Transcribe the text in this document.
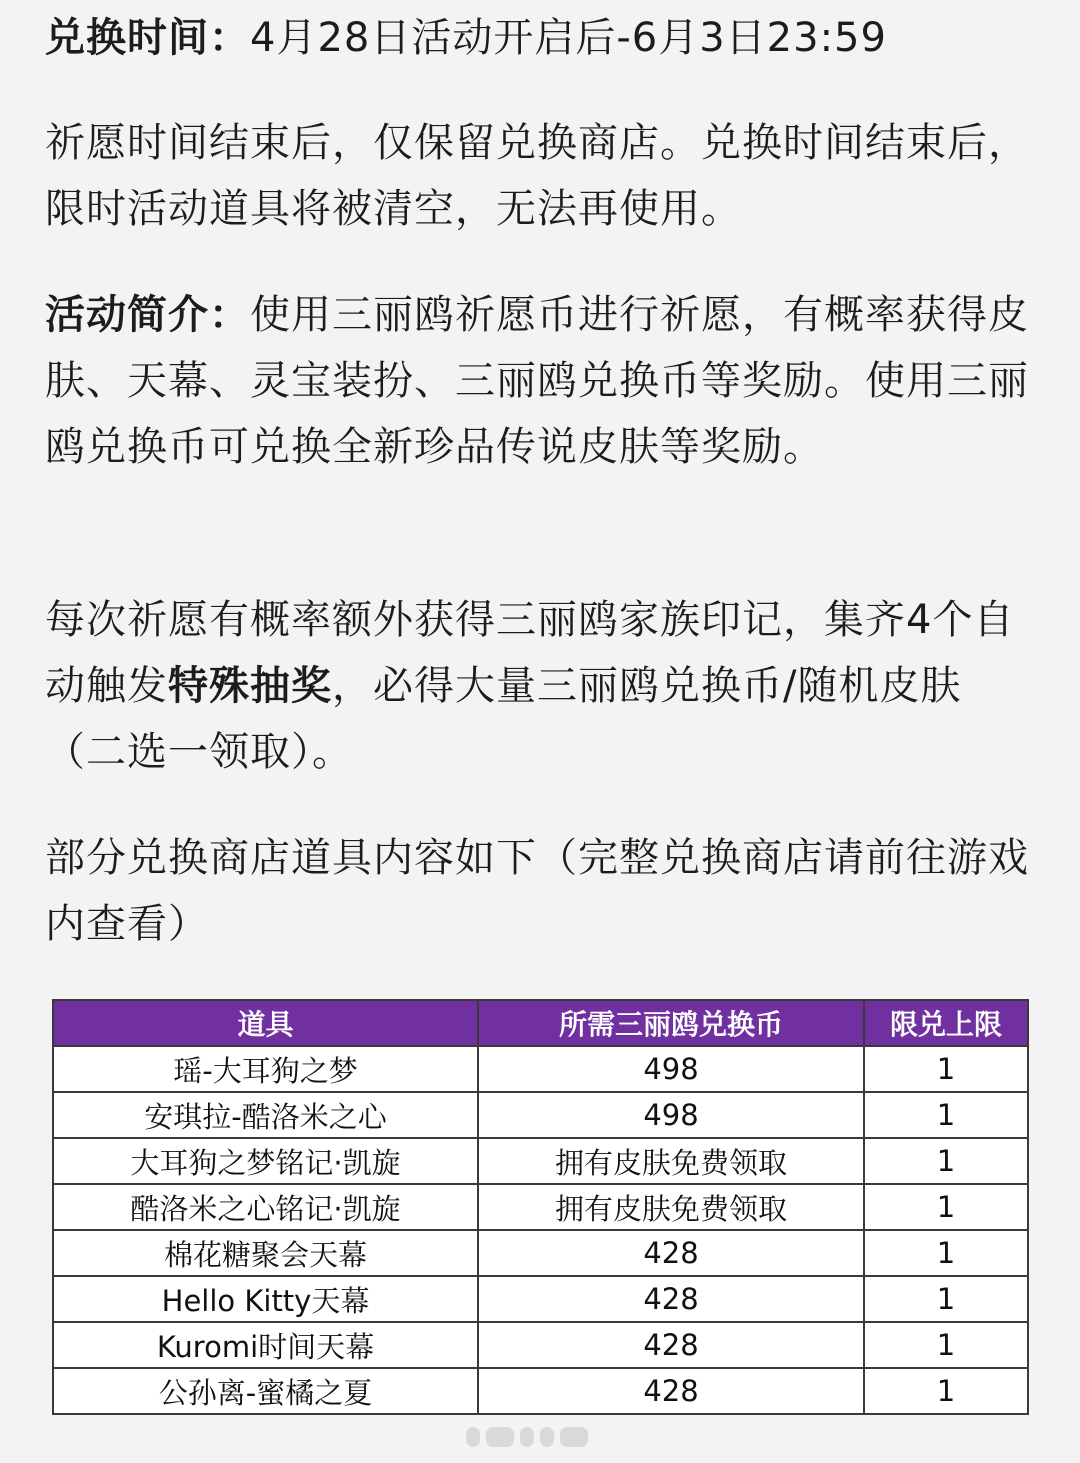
兑换时间：4月28日活动开启后-6月3日23:59

祈愿时间结束后，仅保留兑换商店。兑换时间结束后，限时活动道具将被清空，无法再使用。

活动简介：使用三丽鸥祈愿币进行祈愿，有概率获得皮肤、天幕、灵宝装扮、三丽鸥兑换币等奖励。使用三丽鸥兑换币可兑换全新珍品传说皮肤等奖励。

每次祈愿有概率额外获得三丽鸥家族印记，集齐4个自动触发特殊抽奖，必得大量三丽鸥兑换币/随机皮肤（二选一领取）。

部分兑换商店道具内容如下（完整兑换商店请前往游戏内查看）

道具	所需三丽鸥兑换币	限兑上限
瑶-大耳狗之梦	498	1
安琪拉-酷洛米之心	498	1
大耳狗之梦铭记·凯旋	拥有皮肤免费领取	1
酷洛米之心铭记·凯旋	拥有皮肤免费领取	1
棉花糖聚会天幕	428	1
Hello Kitty天幕	428	1
Kuromi时间天幕	428	1
公孙离-蜜橘之夏	428	1
